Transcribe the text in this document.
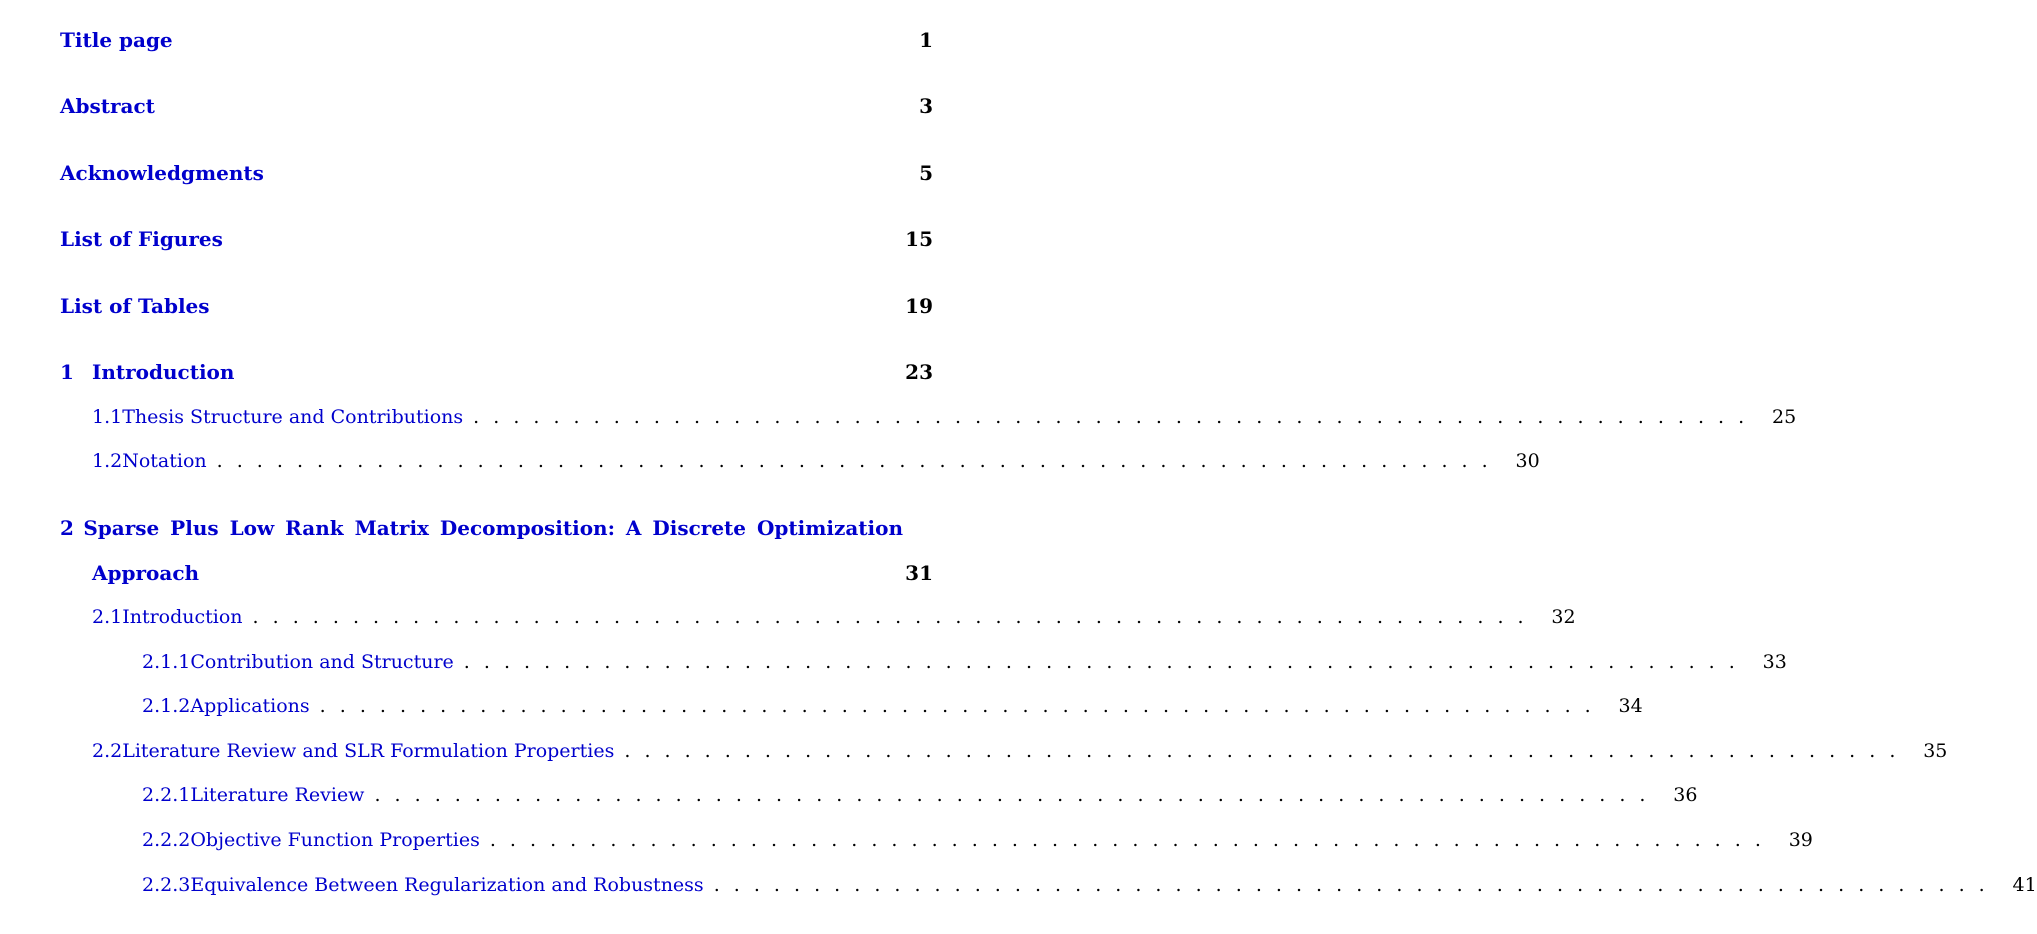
Title page	1
Abstract	3
Acknowledgments	5
List of Figures	15
List of Tables	19
1 Introduction	23
1.1 Thesis Structure and Contributions . . . . . . . . . . . . . . . . . . . . . . . . . . . . . . . . . . . . . . . . . . . . . . . . . . . . . . . . . . . . . . . .	25
1.2 Notation . . . . . . . . . . . . . . . . . . . . . . . . . . . . . . . . . . . . . . . . . . . . . . . . . . . . . . . . . . . . . . . .	30
2 Sparse Plus Low Rank Matrix Decomposition: A Discrete Optimization
Approach	31
2.1 Introduction . . . . . . . . . . . . . . . . . . . . . . . . . . . . . . . . . . . . . . . . . . . . . . . . . . . . . . . . . . . . . . . .	32
2.1.1 Contribution and Structure . . . . . . . . . . . . . . . . . . . . . . . . . . . . . . . . . . . . . . . . . . . . . . . . . . . . . . . . . . . . . . . .	33
2.1.2 Applications . . . . . . . . . . . . . . . . . . . . . . . . . . . . . . . . . . . . . . . . . . . . . . . . . . . . . . . . . . . . . . . .	34
2.2 Literature Review and SLR Formulation Properties . . . . . . . . . . . . . . . . . . . . . . . . . . . . . . . . . . . . . . . . . . . . . . . . . . . . . . . . . . . . . . . .	35
2.2.1 Literature Review . . . . . . . . . . . . . . . . . . . . . . . . . . . . . . . . . . . . . . . . . . . . . . . . . . . . . . . . . . . . . . . .	36
2.2.2 Objective Function Properties . . . . . . . . . . . . . . . . . . . . . . . . . . . . . . . . . . . . . . . . . . . . . . . . . . . . . . . . . . . . . . . .	39
2.2.3 Equivalence Between Regularization and Robustness . . . . . . . . . . . . . . . . . . . . . . . . . . . . . . . . . . . . . . . . . . . . . . . . . . . . . . . . . . . . . . . .	41
